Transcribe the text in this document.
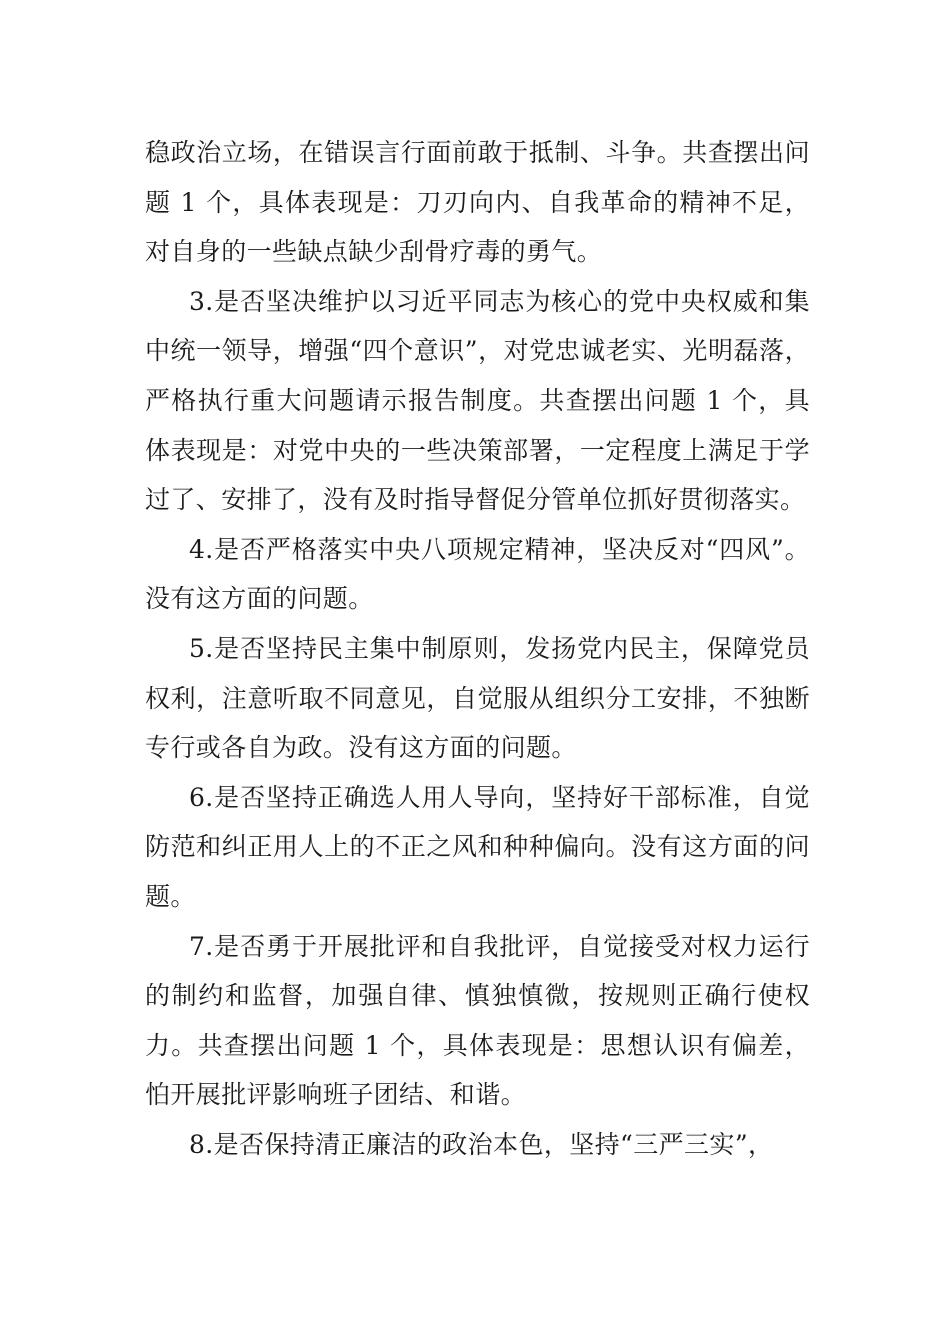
稳政治立场，在错误言行面前敢于抵制、斗争。共查摆出问题 1 个，具体表现是：刀刃向内、自我革命的精神不足，对自身的一些缺点缺少刮骨疗毒的勇气。

3.是否坚决维护以习近平同志为核心的党中央权威和集中统一领导，增强“四个意识”，对党忠诚老实、光明磊落，严格执行重大问题请示报告制度。共查摆出问题 1 个，具体表现是：对党中央的一些决策部署，一定程度上满足于学过了、安排了，没有及时指导督促分管单位抓好贯彻落实。

4.是否严格落实中央八项规定精神，坚决反对“四风”。没有这方面的问题。

5.是否坚持民主集中制原则，发扬党内民主，保障党员权利，注意听取不同意见，自觉服从组织分工安排，不独断专行或各自为政。没有这方面的问题。

6.是否坚持正确选人用人导向，坚持好干部标准，自觉防范和纠正用人上的不正之风和种种偏向。没有这方面的问题。

7.是否勇于开展批评和自我批评，自觉接受对权力运行的制约和监督，加强自律、慎独慎微，按规则正确行使权力。共查摆出问题 1 个，具体表现是：思想认识有偏差，怕开展批评影响班子团结、和谐。

8.是否保持清正廉洁的政治本色，坚持“三严三实”，
